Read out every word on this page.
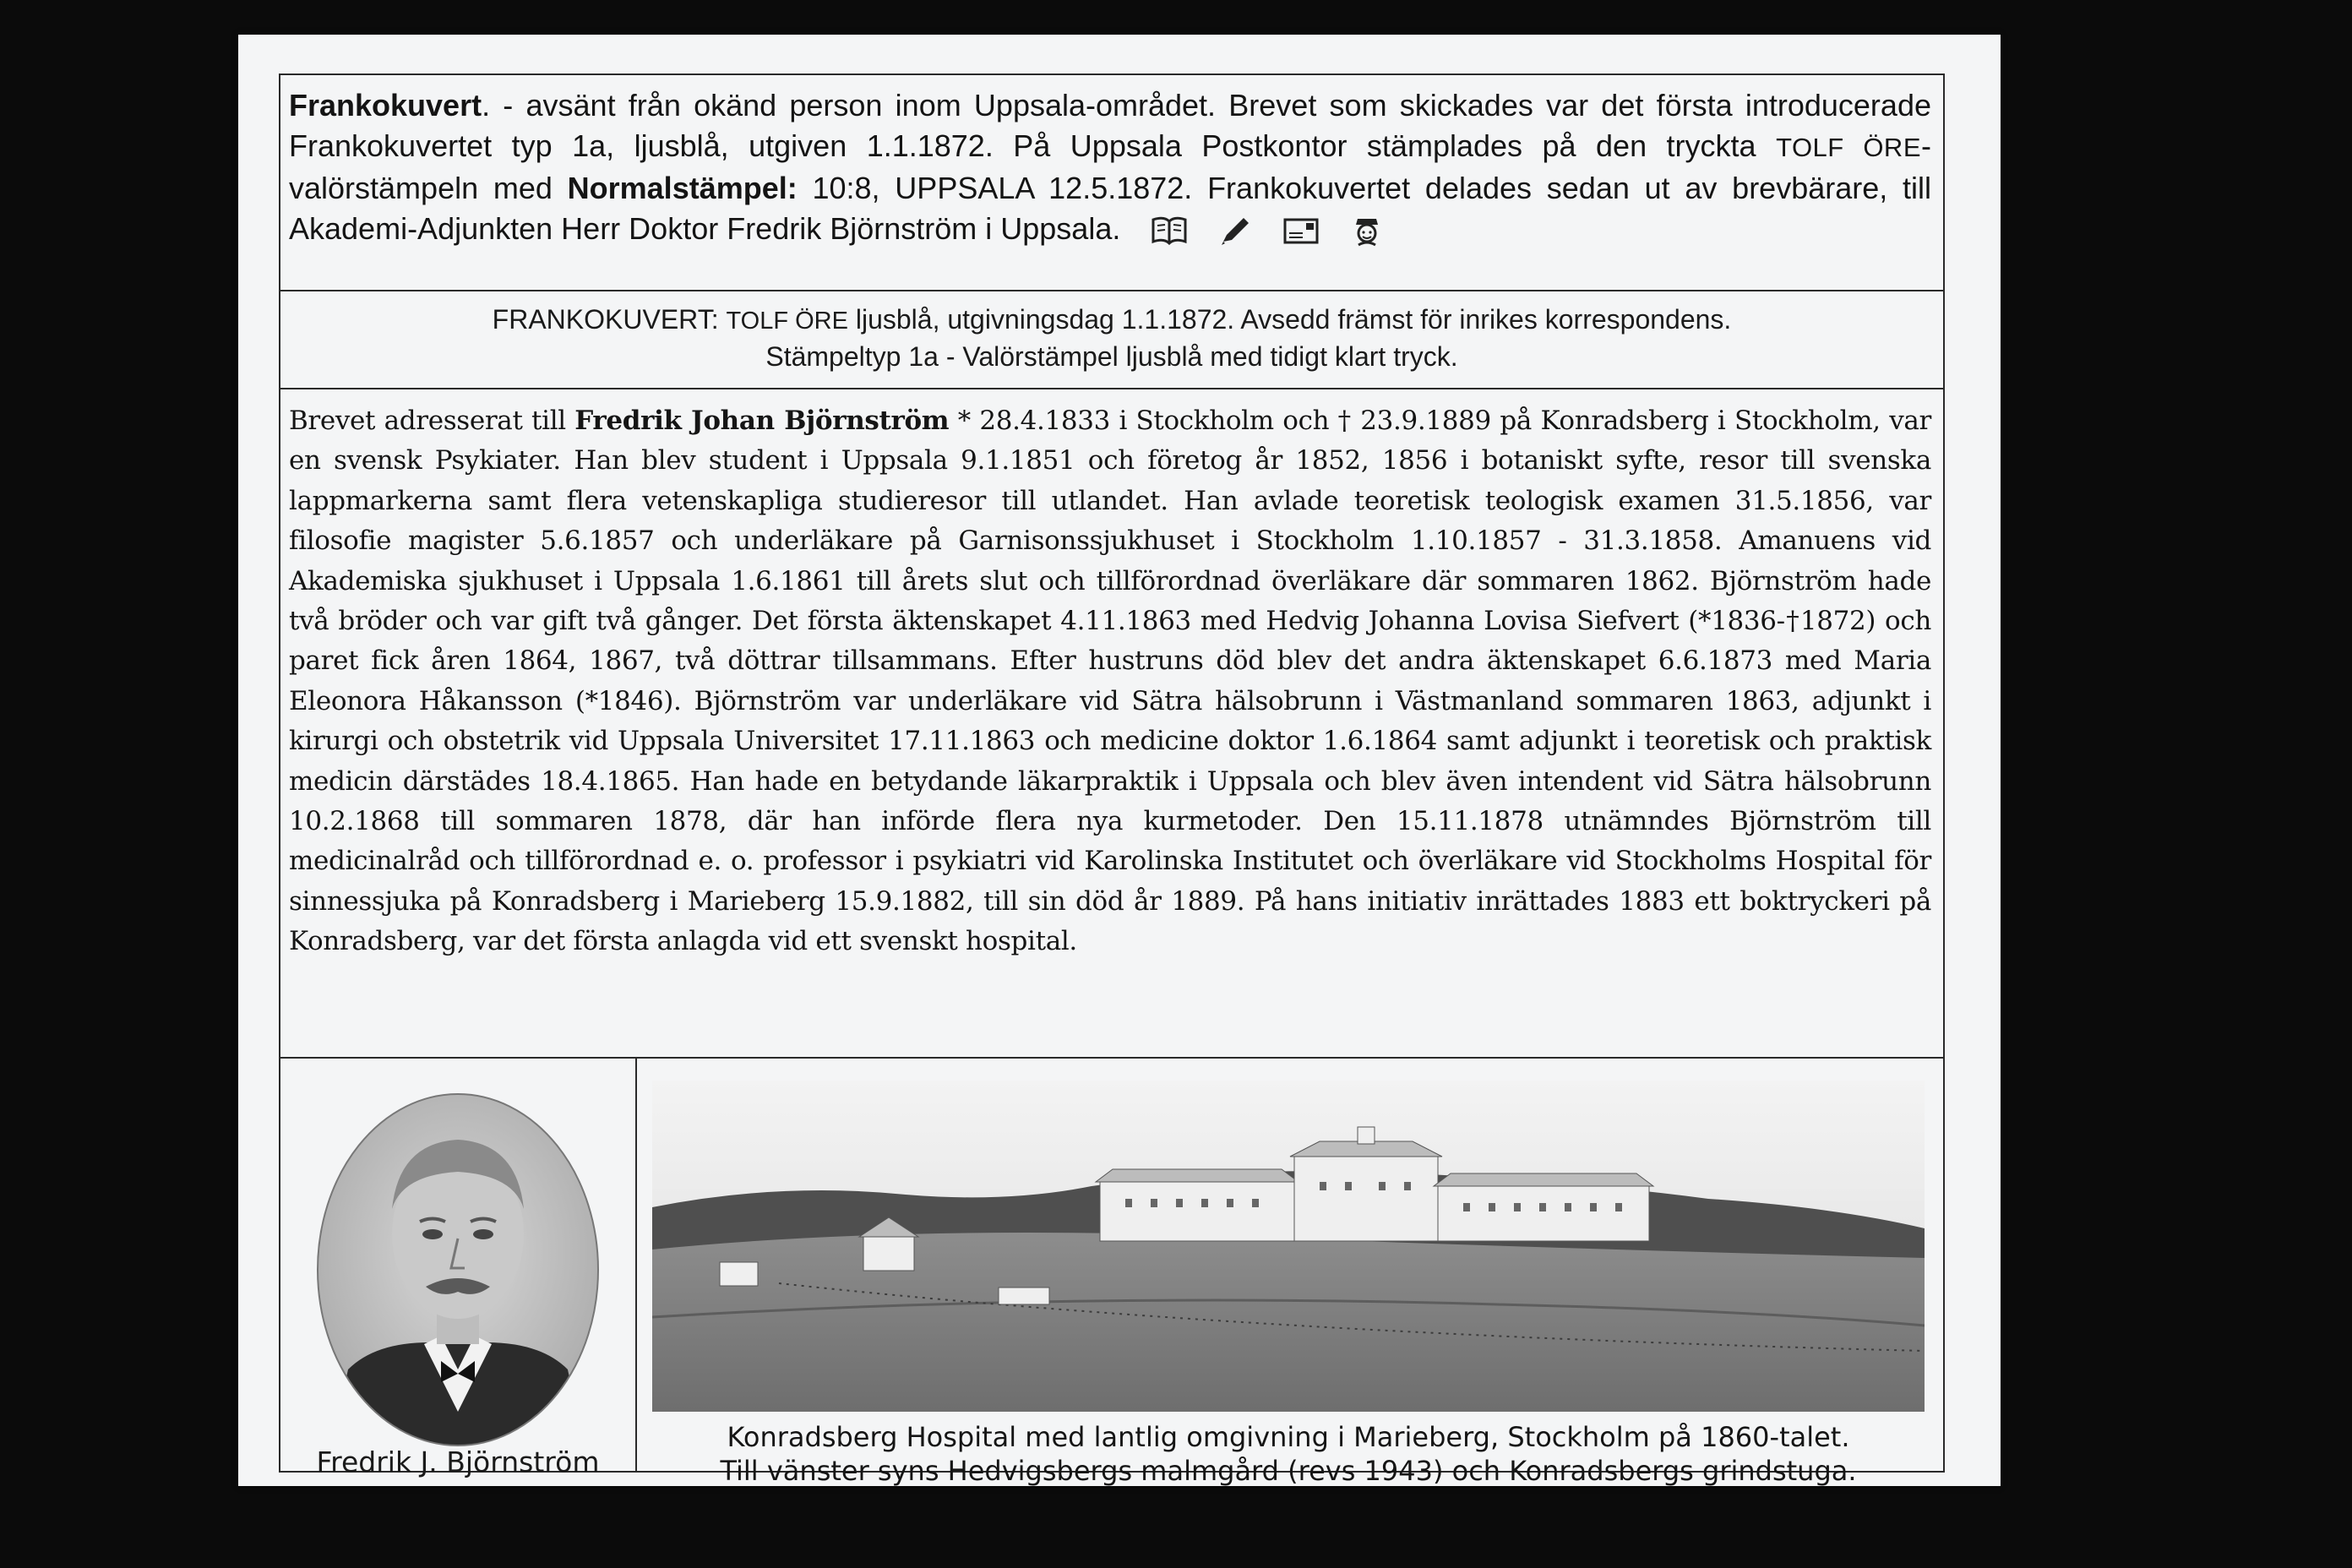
Frankokuvert. - avsänt från okänd person inom Uppsala-området. Brevet som skickades var det första introducerade Frankokuvertet typ 1a, ljusblå, utgiven 1.1.1872. På Uppsala Postkontor stämplades på den tryckta TOLF ÖRE-valörstämpeln med Normalstämpel: 10:8, UPPSALA 12.5.1872. Frankokuvertet delades sedan ut av brevbärare, till Akademi-Adjunkten Herr Doktor Fredrik Björnström i Uppsala.

FRANKOKUVERT: TOLF ÖRE ljusblå, utgivningsdag 1.1.1872. Avsedd främst för inrikes korrespondens.

Stämpeltyp 1a - Valörstämpel ljusblå med tidigt klart tryck.

Brevet adresserat till Fredrik Johan Björnström * 28.4.1833 i Stockholm och † 23.9.1889 på Konradsberg i Stockholm, var en svensk Psykiater. Han blev student i Uppsala 9.1.1851 och företog år 1852, 1856 i botaniskt syfte, resor till svenska lappmarkerna samt flera vetenskapliga studieresor till utlandet. Han avlade teoretisk teologisk examen 31.5.1856, var filosofie magister 5.6.1857 och underläkare på Garnisonssjukhuset i Stockholm 1.10.1857 - 31.3.1858. Amanuens vid Akademiska sjukhuset i Uppsala 1.6.1861 till årets slut och tillförordnad överläkare där sommaren 1862. Björnström hade två bröder och var gift två gånger. Det första äktenskapet 4.11.1863 med Hedvig Johanna Lovisa Siefvert (*1836-†1872) och paret fick åren 1864, 1867, två döttrar tillsammans. Efter hustruns död blev det andra äktenskapet 6.6.1873 med Maria Eleonora Håkansson (*1846). Björnström var underläkare vid Sätra hälsobrunn i Västmanland sommaren 1863, adjunkt i kirurgi och obstetrik vid Uppsala Universitet 17.11.1863 och medicine doktor 1.6.1864 samt adjunkt i teoretisk och praktisk medicin därstädes 18.4.1865. Han hade en betydande läkarpraktik i Uppsala och blev även intendent vid Sätra hälsobrunn 10.2.1868 till sommaren 1878, där han införde flera nya kurmetoder. Den 15.11.1878 utnämndes Björnström till medicinalråd och tillförordnad e. o. professor i psykiatri vid Karolinska Institutet och överläkare vid Stockholms Hospital för sinnessjuka på Konradsberg i Marieberg 15.9.1882, till sin död år 1889. På hans initiativ inrättades 1883 ett boktryckeri på Konradsberg, var det första anlagda vid ett svenskt hospital.

Fredrik J. Björnström

Konradsberg Hospital med lantlig omgivning i Marieberg, Stockholm på 1860-talet.
Till vänster syns Hedvigsbergs malmgård (revs 1943) och Konradsbergs grindstuga.
